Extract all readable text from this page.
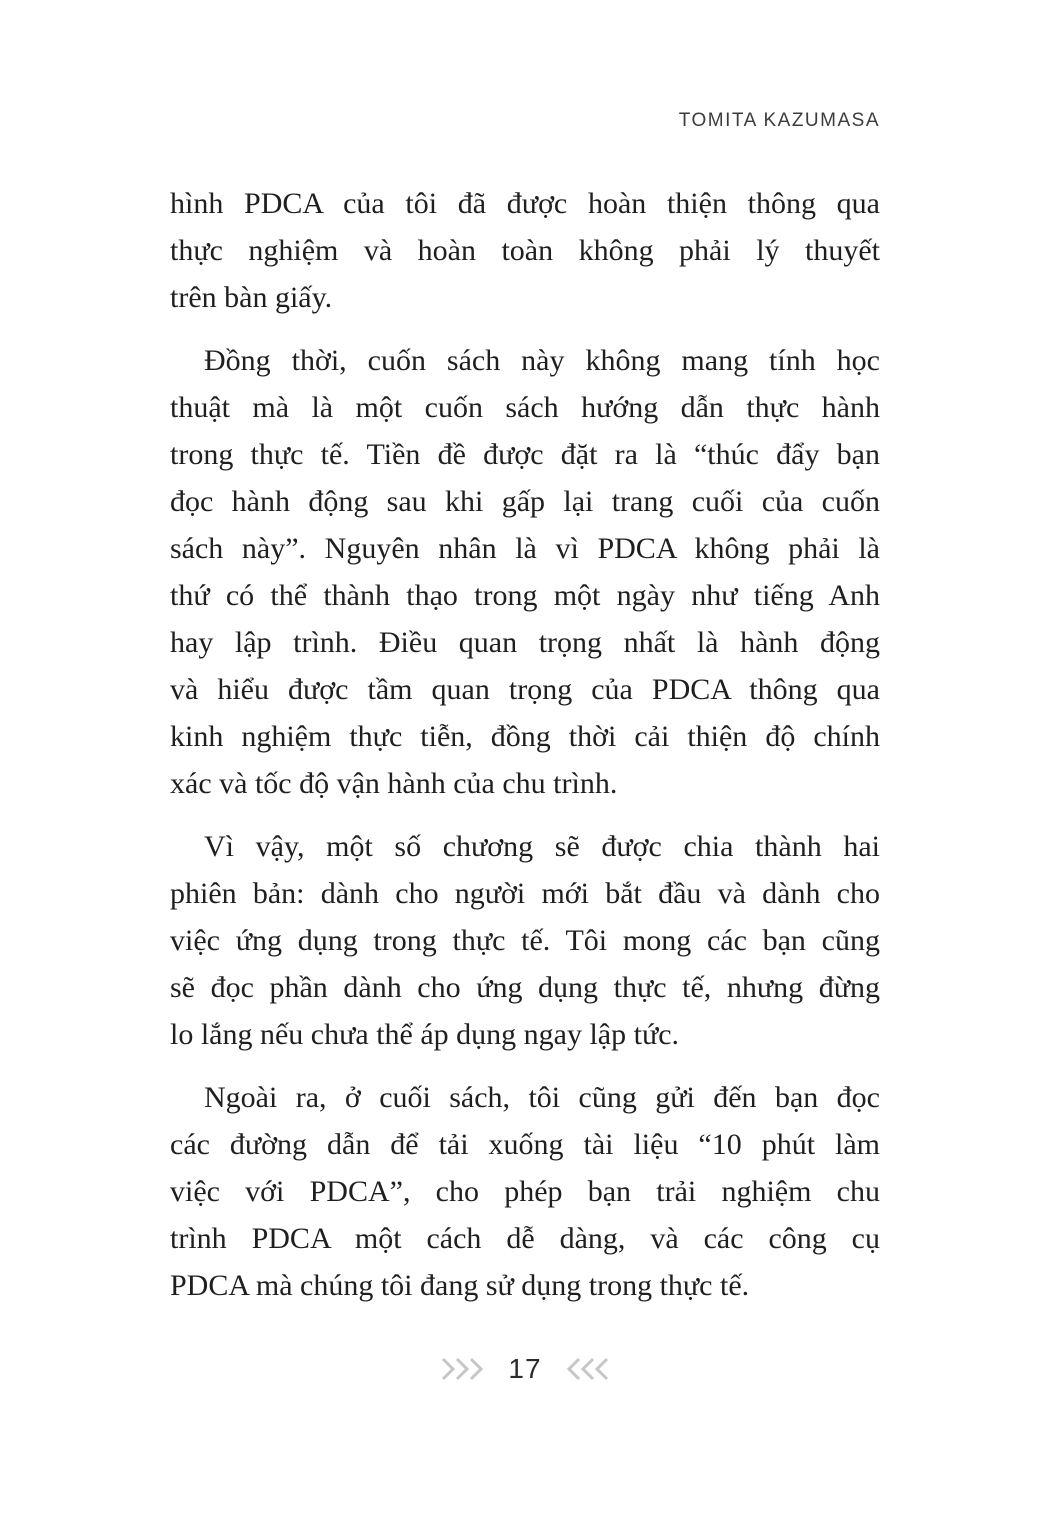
TOMITA KAZUMASA
hình PDCA của tôi đã được hoàn thiện thông qua
thực nghiệm và hoàn toàn không phải lý thuyết
trên bàn giấy.
Đồng thời, cuốn sách này không mang tính học
thuật mà là một cuốn sách hướng dẫn thực hành
trong thực tế. Tiền đề được đặt ra là “thúc đẩy bạn
đọc hành động sau khi gấp lại trang cuối của cuốn
sách này”. Nguyên nhân là vì PDCA không phải là
thứ có thể thành thạo trong một ngày như tiếng Anh
hay lập trình. Điều quan trọng nhất là hành động
và hiểu được tầm quan trọng của PDCA thông qua
kinh nghiệm thực tiễn, đồng thời cải thiện độ chính
xác và tốc độ vận hành của chu trình.
Vì vậy, một số chương sẽ được chia thành hai
phiên bản: dành cho người mới bắt đầu và dành cho
việc ứng dụng trong thực tế. Tôi mong các bạn cũng
sẽ đọc phần dành cho ứng dụng thực tế, nhưng đừng
lo lắng nếu chưa thể áp dụng ngay lập tức.
Ngoài ra, ở cuối sách, tôi cũng gửi đến bạn đọc
các đường dẫn để tải xuống tài liệu “10 phút làm
việc với PDCA”, cho phép bạn trải nghiệm chu
trình PDCA một cách dễ dàng, và các công cụ
PDCA mà chúng tôi đang sử dụng trong thực tế.
17
